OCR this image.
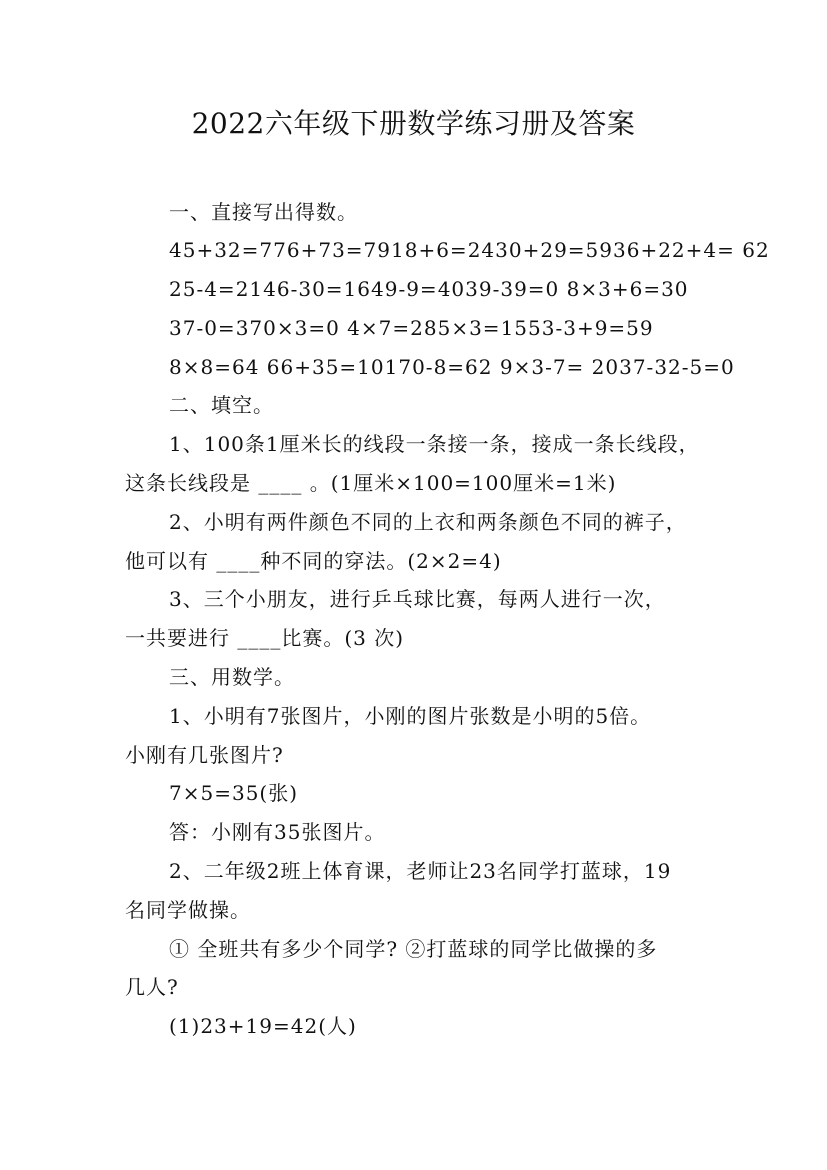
2022六年级下册数学练习册及答案
一、直接写出得数。
45+32=776+73=7918+6=2430+29=5936+22+4= 62
25-4=2146-30=1649-9=4039-39=0 8×3+6=30
37-0=370×3=0 4×7=285×3=1553-3+9=59
8×8=64 66+35=10170-8=62 9×3-7= 2037-32-5=0
二、填空。
1、100条1厘米长的线段一条接一条，接成一条长线段，
这条长线段是 ____ 。(1厘米×100=100厘米=1米)
2、小明有两件颜色不同的上衣和两条颜色不同的裤子，
他可以有 ____种不同的穿法。(2×2=4)
3、三个小朋友，进行乒乓球比赛，每两人进行一次，
一共要进行 ____比赛。(3 次)
三、用数学。
1、小明有7张图片，小刚的图片张数是小明的5倍。
小刚有几张图片?
7×5=35(张)
答：小刚有35张图片。
2、二年级2班上体育课，老师让23名同学打蓝球，19
名同学做操。
① 全班共有多少个同学? ②打蓝球的同学比做操的多
几人?
(1)23+19=42(人)
